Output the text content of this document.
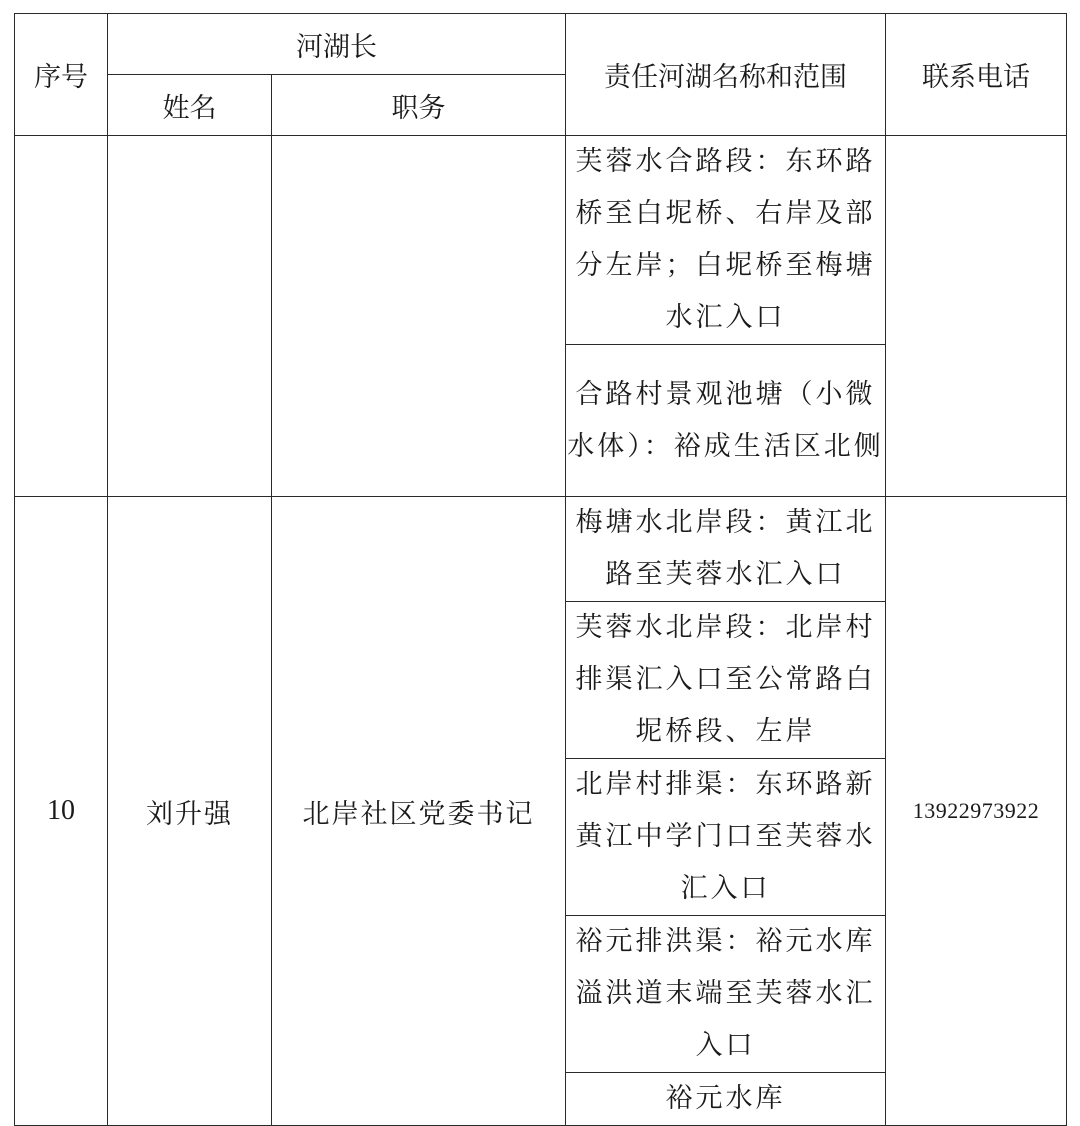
序号	河湖长		责任河湖名称和范围	联系电话
	姓名	职务		
			芙蓉水合路段：东环路桥至白坭桥、右岸及部分左岸；白坭桥至梅塘水汇入口	
			合路村景观池塘（小微水体）：裕成生活区北侧	
10	刘升强	北岸社区党委书记	梅塘水北岸段：黄江北路至芙蓉水汇入口	13922973922
			芙蓉水北岸段：北岸村排渠汇入口至公常路白坭桥段、左岸	
			北岸村排渠：东环路新黄江中学门口至芙蓉水汇入口	
			裕元排洪渠：裕元水库溢洪道末端至芙蓉水汇入口	
			裕元水库	
